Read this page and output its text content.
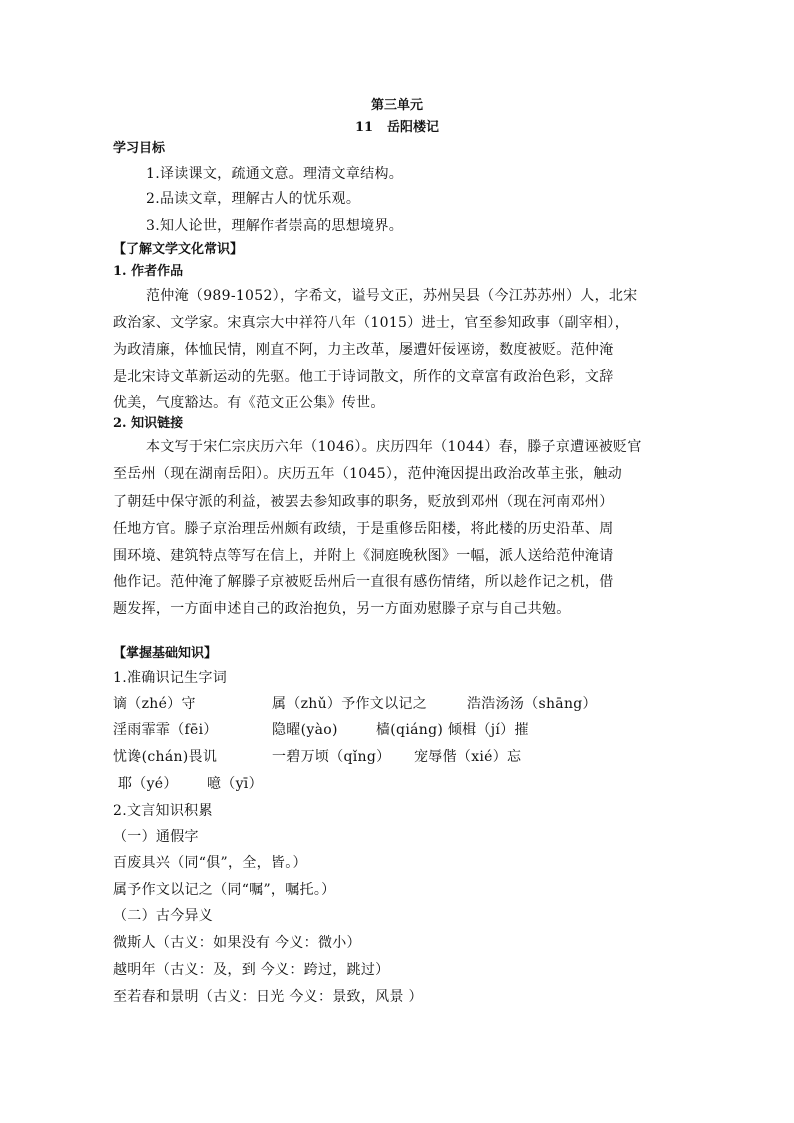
第三单元
11 岳阳楼记
学习目标
1.译读课文，疏通文意。理清文章结构。
2.品读文章，理解古人的忧乐观。
3.知人论世，理解作者崇高的思想境界。
【了解文学文化常识】
1. 作者作品
范仲淹（989-1052），字希文，谥号文正，苏州吴县（今江苏苏州）人，北宋
政治家、文学家。宋真宗大中祥符八年（1015）进士，官至参知政事（副宰相），
为政清廉，体恤民情，刚直不阿，力主改革，屡遭奸佞诬谤，数度被贬。范仲淹
是北宋诗文革新运动的先驱。他工于诗词散文，所作的文章富有政治色彩，文辞
优美，气度豁达。有《范文正公集》传世。
2. 知识链接
本文写于宋仁宗庆历六年（1046）。庆历四年（1044）春，滕子京遭诬被贬官
至岳州（现在湖南岳阳）。庆历五年（1045），范仲淹因提出政治改革主张，触动
了朝廷中保守派的利益，被罢去参知政事的职务，贬放到邓州（现在河南邓州）
任地方官。滕子京治理岳州颇有政绩，于是重修岳阳楼，将此楼的历史沿革、周
围环境、建筑特点等写在信上，并附上《洞庭晚秋图》一幅，派人送给范仲淹请
他作记。范仲淹了解滕子京被贬岳州后一直很有感伤情绪，所以趁作记之机，借
题发挥，一方面申述自己的政治抱负，另一方面劝慰滕子京与自己共勉。
【掌握基础知识】
1.准确识记生字词
谪（zhé）守	属（zhǔ）予作文以记之	浩浩汤汤（shāng）
淫雨霏霏（fēi）	隐曜(yào)	樯(qiáng) 倾楫（jí）摧
忧谗(chán)畏讥	一碧万顷（qǐng） 宠辱偕（xié）忘
耶（yé） 噫（yī）
2.文言知识积累
（一）通假字
百废具兴（同“俱”，全，皆。）
属予作文以记之（同“嘱”，嘱托。）
（二）古今异义
微斯人（古义：如果没有 今义：微小）
越明年（古义：及，到 今义：跨过，跳过）
至若春和景明（古义：日光 今义：景致，风景 ）
